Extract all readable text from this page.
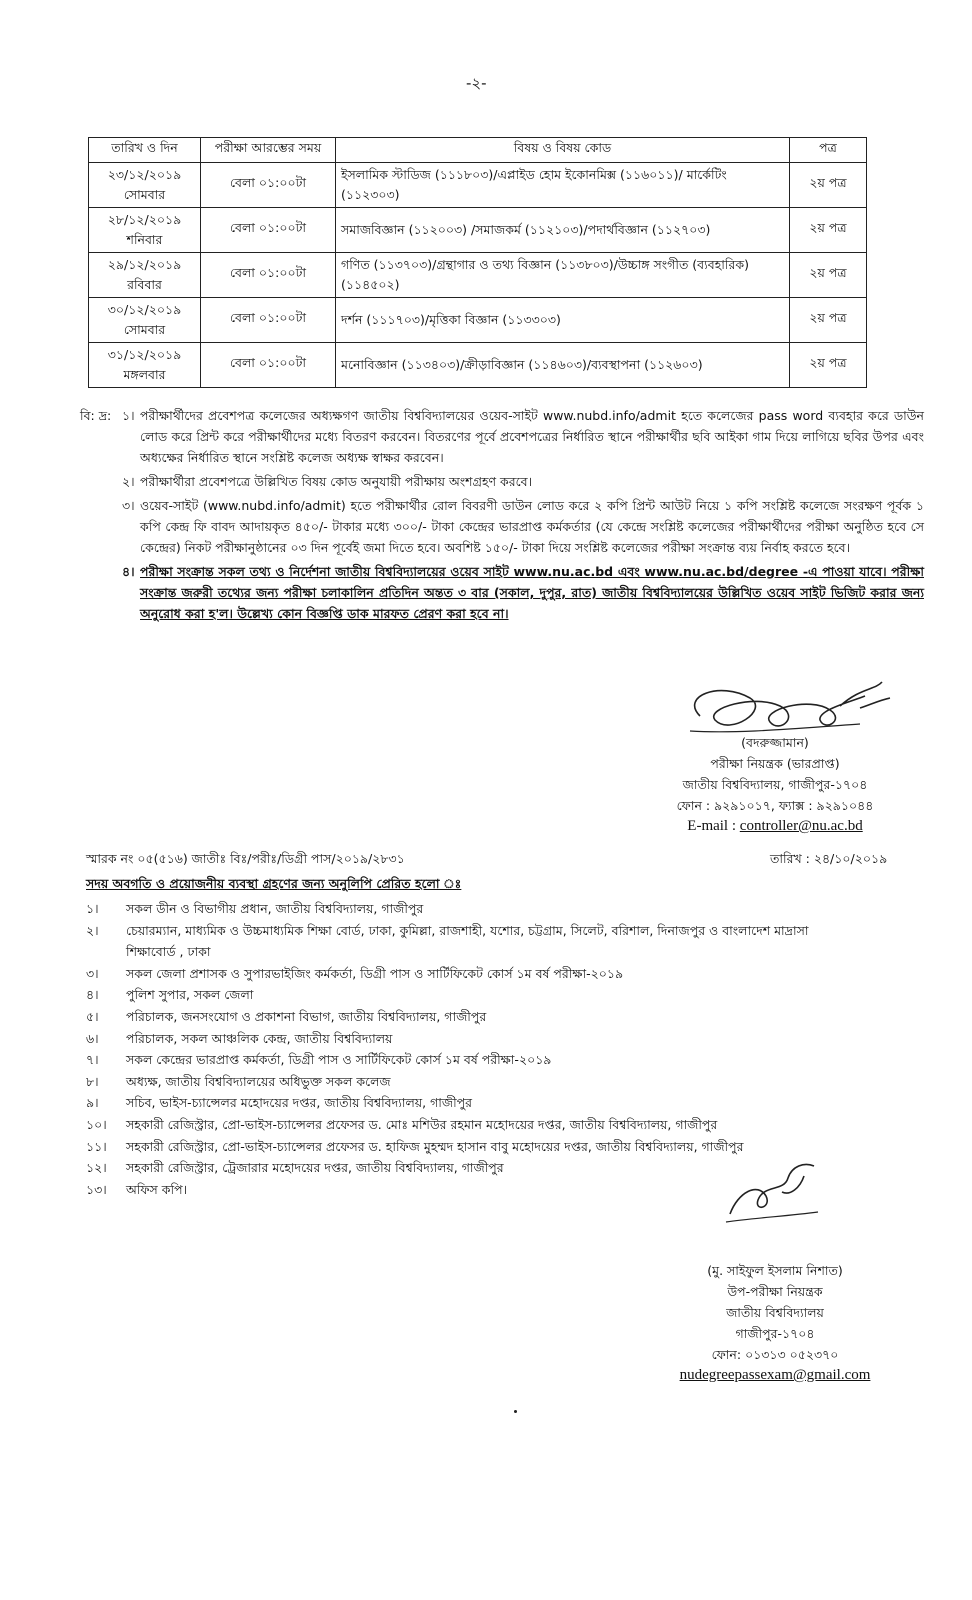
-২-
তারিখ ও দিন	পরীক্ষা আরম্ভের সময়	বিষয় ও বিষয় কোড	পত্র

২৩/১২/২০১৯
সোমবার	বেলা ০১:০০টা	ইসলামিক স্টাডিজ (১১১৮০৩)/এপ্লাইড হোম ইকোনমিক্স (১১৬০১১)/ মার্কেটিং (১১২৩০৩)	২য় পত্র

২৮/১২/২০১৯
শনিবার	বেলা ০১:০০টা	সমাজবিজ্ঞান (১১২০০৩) /সমাজকর্ম (১১২১০৩)/পদার্থবিজ্ঞান (১১২৭০৩)	২য় পত্র

২৯/১২/২০১৯
রবিবার	বেলা ০১:০০টা	গণিত (১১৩৭০৩)/গ্রন্থাগার ও তথ্য বিজ্ঞান (১১৩৮০৩)/উচ্চাঙ্গ সংগীত (ব্যবহারিক) (১১৪৫০২)	২য় পত্র

৩০/১২/২০১৯
সোমবার	বেলা ০১:০০টা	দর্শন (১১১৭০৩)/মৃত্তিকা বিজ্ঞান (১১৩৩০৩)	২য় পত্র

৩১/১২/২০১৯
মঙ্গলবার	বেলা ০১:০০টা	মনোবিজ্ঞান (১১৩৪০৩)/ক্রীড়াবিজ্ঞান (১১৪৬০৩)/ব্যবস্থাপনা (১১২৬০৩)	২য় পত্র
বি: দ্র: ১। পরীক্ষার্থীদের প্রবেশপত্র কলেজের অধ্যক্ষগণ জাতীয় বিশ্ববিদ্যালয়ের ওয়েব-সাইট www.nubd.info/admit হতে কলেজের pass word ব্যবহার করে ডাউন লোড করে প্রিন্ট করে পরীক্ষার্থীদের মধ্যে বিতরণ করবেন। বিতরণের পূর্বে প্রবেশপত্রের নির্ধারিত স্থানে পরীক্ষার্থীর ছবি আইকা গাম দিয়ে লাগিয়ে ছবির উপর এবং অধ্যক্ষের নির্ধারিত স্থানে সংশ্লিষ্ট কলেজ অধ্যক্ষ স্বাক্ষর করবেন।
২। পরীক্ষার্থীরা প্রবেশপত্রে উল্লিখিত বিষয় কোড অনুযায়ী পরীক্ষায় অংশগ্রহণ করবে।
৩। ওয়েব-সাইট (www.nubd.info/admit) হতে পরীক্ষার্থীর রোল বিবরণী ডাউন লোড করে ২ কপি প্রিন্ট আউট নিয়ে ১ কপি সংশ্লিষ্ট কলেজে সংরক্ষণ পূর্বক ১ কপি কেন্দ্র ফি বাবদ আদায়কৃত ৪৫০/- টাকার মধ্যে ৩০০/- টাকা কেন্দ্রের ভারপ্রাপ্ত কর্মকর্তার (যে কেন্দ্রে সংশ্লিষ্ট কলেজের পরীক্ষার্থীদের পরীক্ষা অনুষ্ঠিত হবে সে কেন্দ্রের) নিকট পরীক্ষানুষ্ঠানের ০৩ দিন পূর্বেই জমা দিতে হবে। অবশিষ্ট ১৫০/- টাকা দিয়ে সংশ্লিষ্ট কলেজের পরীক্ষা সংক্রান্ত ব্যয় নির্বাহ করতে হবে।
৪। পরীক্ষা সংক্রান্ত সকল তথ্য ও নির্দেশনা জাতীয় বিশ্ববিদ্যালয়ের ওয়েব সাইট www.nu.ac.bd এবং www.nu.ac.bd/degree -এ পাওয়া যাবে। পরীক্ষা সংক্রান্ত জরুরী তথ্যের জন্য পরীক্ষা চলাকালিন প্রতিদিন অন্তত ৩ বার (সকাল, দুপুর, রাত) জাতীয় বিশ্ববিদ্যালয়ের উল্লিখিত ওয়েব সাইট ভিজিট করার জন্য অনুরোধ করা হ'ল। উল্লেখ্য কোন বিজ্ঞপ্তি ডাক মারফত প্রেরণ করা হবে না।
(বদরুজ্জামান)
পরীক্ষা নিয়ন্ত্রক (ভারপ্রাপ্ত)
জাতীয় বিশ্ববিদ্যালয়, গাজীপুর-১৭০৪
ফোন : ৯২৯১০১৭, ফ্যাক্স : ৯২৯১০৪৪
E-mail : controller@nu.ac.bd
স্মারক নং ০৫(৫১৬) জাতীঃ বিঃ/পরীঃ/ডিগ্রী পাস/২০১৯/২৮৩১	তারিখ : ২৪/১০/২০১৯
সদয় অবগতি ও প্রয়োজনীয় ব্যবস্থা গ্রহণের জন্য অনুলিপি প্রেরিত হলো ঃ
১। সকল ডীন ও বিভাগীয় প্রধান, জাতীয় বিশ্ববিদ্যালয়, গাজীপুর
২। চেয়ারম্যান, মাধ্যমিক ও উচ্চমাধ্যমিক শিক্ষা বোর্ড, ঢাকা, কুমিল্লা, রাজশাহী, যশোর, চট্টগ্রাম, সিলেট, বরিশাল, দিনাজপুর ও বাংলাদেশ মাদ্রাসা শিক্ষাবোর্ড , ঢাকা
৩। সকল জেলা প্রশাসক ও সুপারভাইজিং কর্মকর্তা, ডিগ্রী পাস ও সার্টিফিকেট কোর্স ১ম বর্ষ পরীক্ষা-২০১৯
৪। পুলিশ সুপার, সকল জেলা
৫। পরিচালক, জনসংযোগ ও প্রকাশনা বিভাগ, জাতীয় বিশ্ববিদ্যালয়, গাজীপুর
৬। পরিচালক, সকল আঞ্চলিক কেন্দ্র, জাতীয় বিশ্ববিদ্যালয়
৭। সকল কেন্দ্রের ভারপ্রাপ্ত কর্মকর্তা, ডিগ্রী পাস ও সার্টিফিকেট কোর্স ১ম বর্ষ পরীক্ষা-২০১৯
৮। অধ্যক্ষ, জাতীয় বিশ্ববিদ্যালয়ের অধিভুক্ত সকল কলেজ
৯। সচিব, ভাইস-চ্যান্সেলর মহোদয়ের দপ্তর, জাতীয় বিশ্ববিদ্যালয়, গাজীপুর
১০। সহকারী রেজিস্ট্রার, প্রো-ভাইস-চ্যান্সেলর প্রফেসর ড. মোঃ মশিউর রহমান মহোদয়ের দপ্তর, জাতীয় বিশ্ববিদ্যালয়, গাজীপুর
১১। সহকারী রেজিস্ট্রার, প্রো-ভাইস-চ্যান্সেলর প্রফেসর ড. হাফিজ মুহম্মদ হাসান বাবু মহোদয়ের দপ্তর, জাতীয় বিশ্ববিদ্যালয়, গাজীপুর
১২। সহকারী রেজিস্ট্রার, ট্রেজারার মহোদয়ের দপ্তর, জাতীয় বিশ্ববিদ্যালয়, গাজীপুর
১৩। অফিস কপি।
(মু. সাইফুল ইসলাম নিশাত)
উপ-পরীক্ষা নিয়ন্ত্রক
জাতীয় বিশ্ববিদ্যালয়
গাজীপুর-১৭০৪
ফোন: ০১৩১৩ ০৫২৩৭০
nudegreepassexam@gmail.com
